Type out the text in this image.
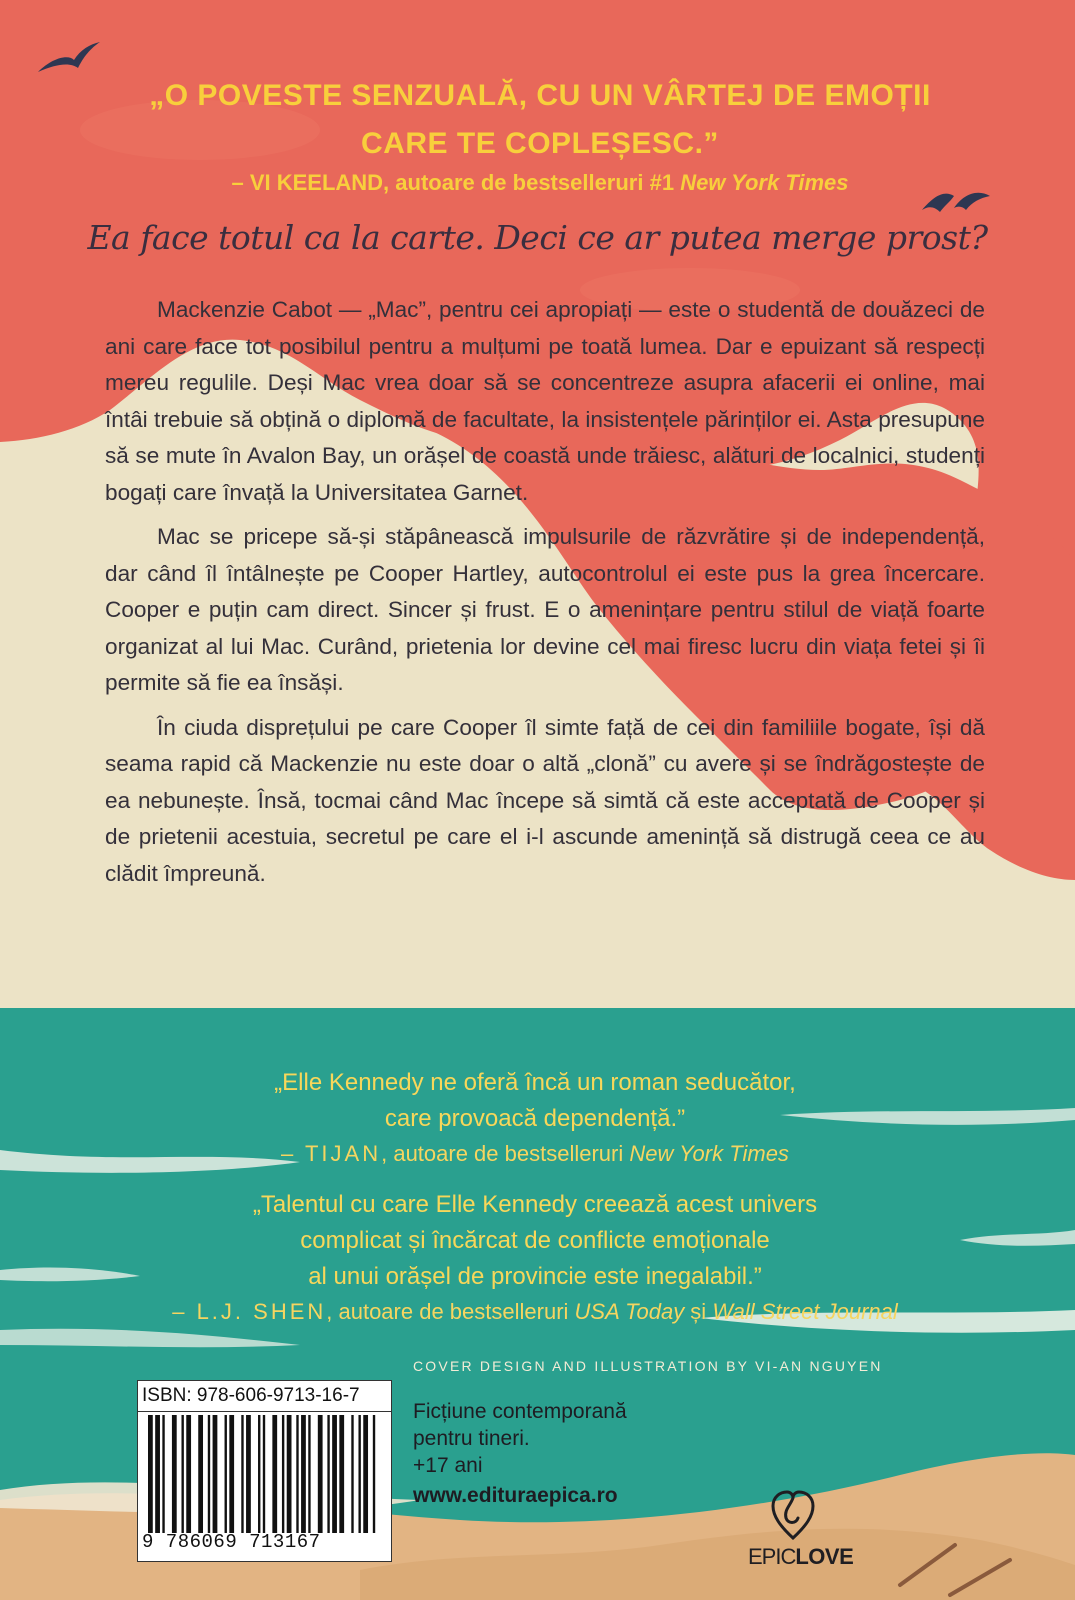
„O POVESTE SENZUALĂ, CU UN VÂRTEJ DE EMOȚII
CARE TE COPLEȘESC.”
– VI KEELAND, autoare de bestselleruri #1 New York Times
Ea face totul ca la carte. Deci ce ar putea merge prost?

Mackenzie Cabot — „Mac”, pentru cei apropiați — este o studentă de douăzeci de ani care face tot posibilul pentru a mulțumi pe toată lumea. Dar e epuizant să respecți mereu regulile. Deși Mac vrea doar să se concentreze asupra afacerii ei online, mai întâi trebuie să obțină o diplomă de facultate, la insistențele părinților ei. Asta presupune să se mute în Avalon Bay, un orășel de coastă unde trăiesc, alături de localnici, studenți bogați care învață la Universitatea Garnet.

Mac se pricepe să-și stăpânească impulsurile de răzvrătire și de independență, dar când îl întâlnește pe Cooper Hartley, autocontrolul ei este pus la grea încercare. Cooper e puțin cam direct. Sincer și frust. E o amenințare pentru stilul de viață foarte organizat al lui Mac. Curând, prietenia lor devine cel mai firesc lucru din viața fetei și îi permite să fie ea însăși.

În ciuda disprețului pe care Cooper îl simte față de cei din familiile bogate, își dă seama rapid că Mackenzie nu este doar o altă „clonă” cu avere și se îndrăgostește de ea nebunește. Însă, tocmai când Mac începe să simtă că este acceptată de Cooper și de prietenii acestuia, secretul pe care el i-l ascunde amenință să distrugă ceea ce au clădit împreună.

„Elle Kennedy ne oferă încă un roman seducător,
care provoacă dependență.”
– TIJAN, autoare de bestselleruri New York Times
„Talentul cu care Elle Kennedy creează acest univers
complicat și încărcat de conflicte emoționale
al unui orășel de provincie este inegalabil.”
– L.J. SHEN, autoare de bestselleruri USA Today și Wall Street Journal
COVER DESIGN AND ILLUSTRATION BY VI-AN NGUYEN
ISBN: 978-606-9713-16-7
9 786069 713167
Ficțiune contemporană
pentru tineri.
+17 ani
www.edituraepica.ro
EPICLOVE
